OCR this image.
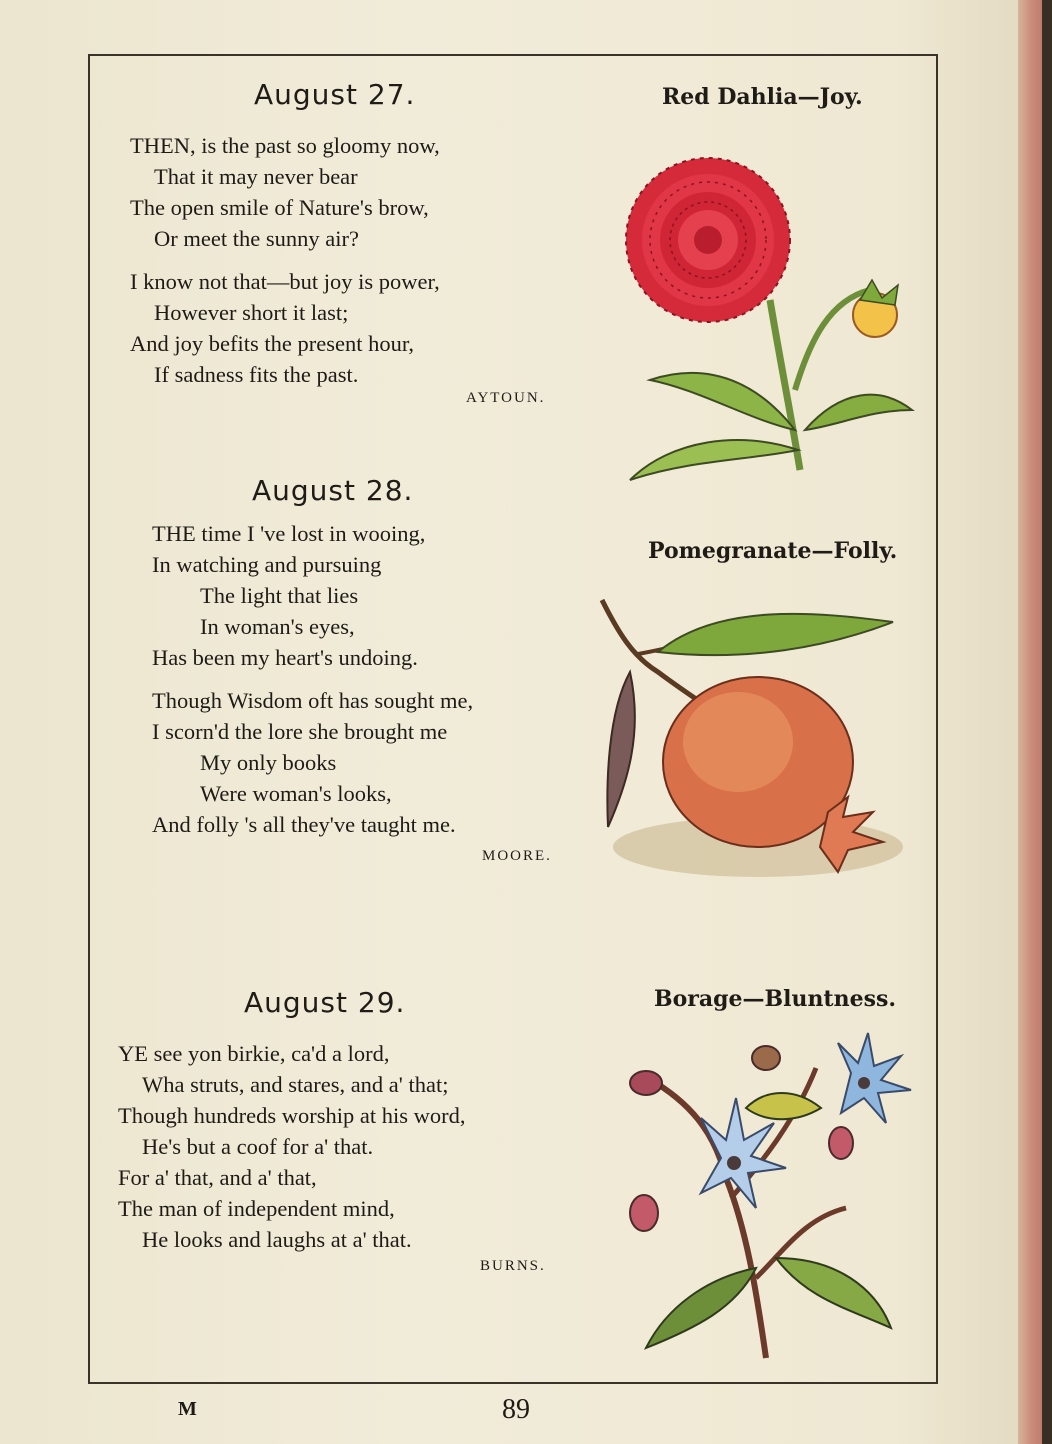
August 27.	Red Dahlia—Joy.
THEN, is the past so gloomy now,
That it may never bear
The open smile of Nature's brow,
Or meet the sunny air?
I know not that—but joy is power,
However short it last;
And joy befits the present hour,
If sadness fits the past.
AYTOUN.
August 28.
Pomegranate—Folly.
THE time I 've lost in wooing,
In watching and pursuing
The light that lies
In woman's eyes,
Has been my heart's undoing.
Though Wisdom oft has sought me,
I scorn'd the lore she brought me
My only books
Were woman's looks,
And folly 's all they've taught me.
MOORE.
August 29.	Borage—Bluntness.
YE see yon birkie, ca'd a lord,
Wha struts, and stares, and a' that;
Though hundreds worship at his word,
He's but a coof for a' that.
For a' that, and a' that,
The man of independent mind,
He looks and laughs at a' that.
BURNS.
M	89
